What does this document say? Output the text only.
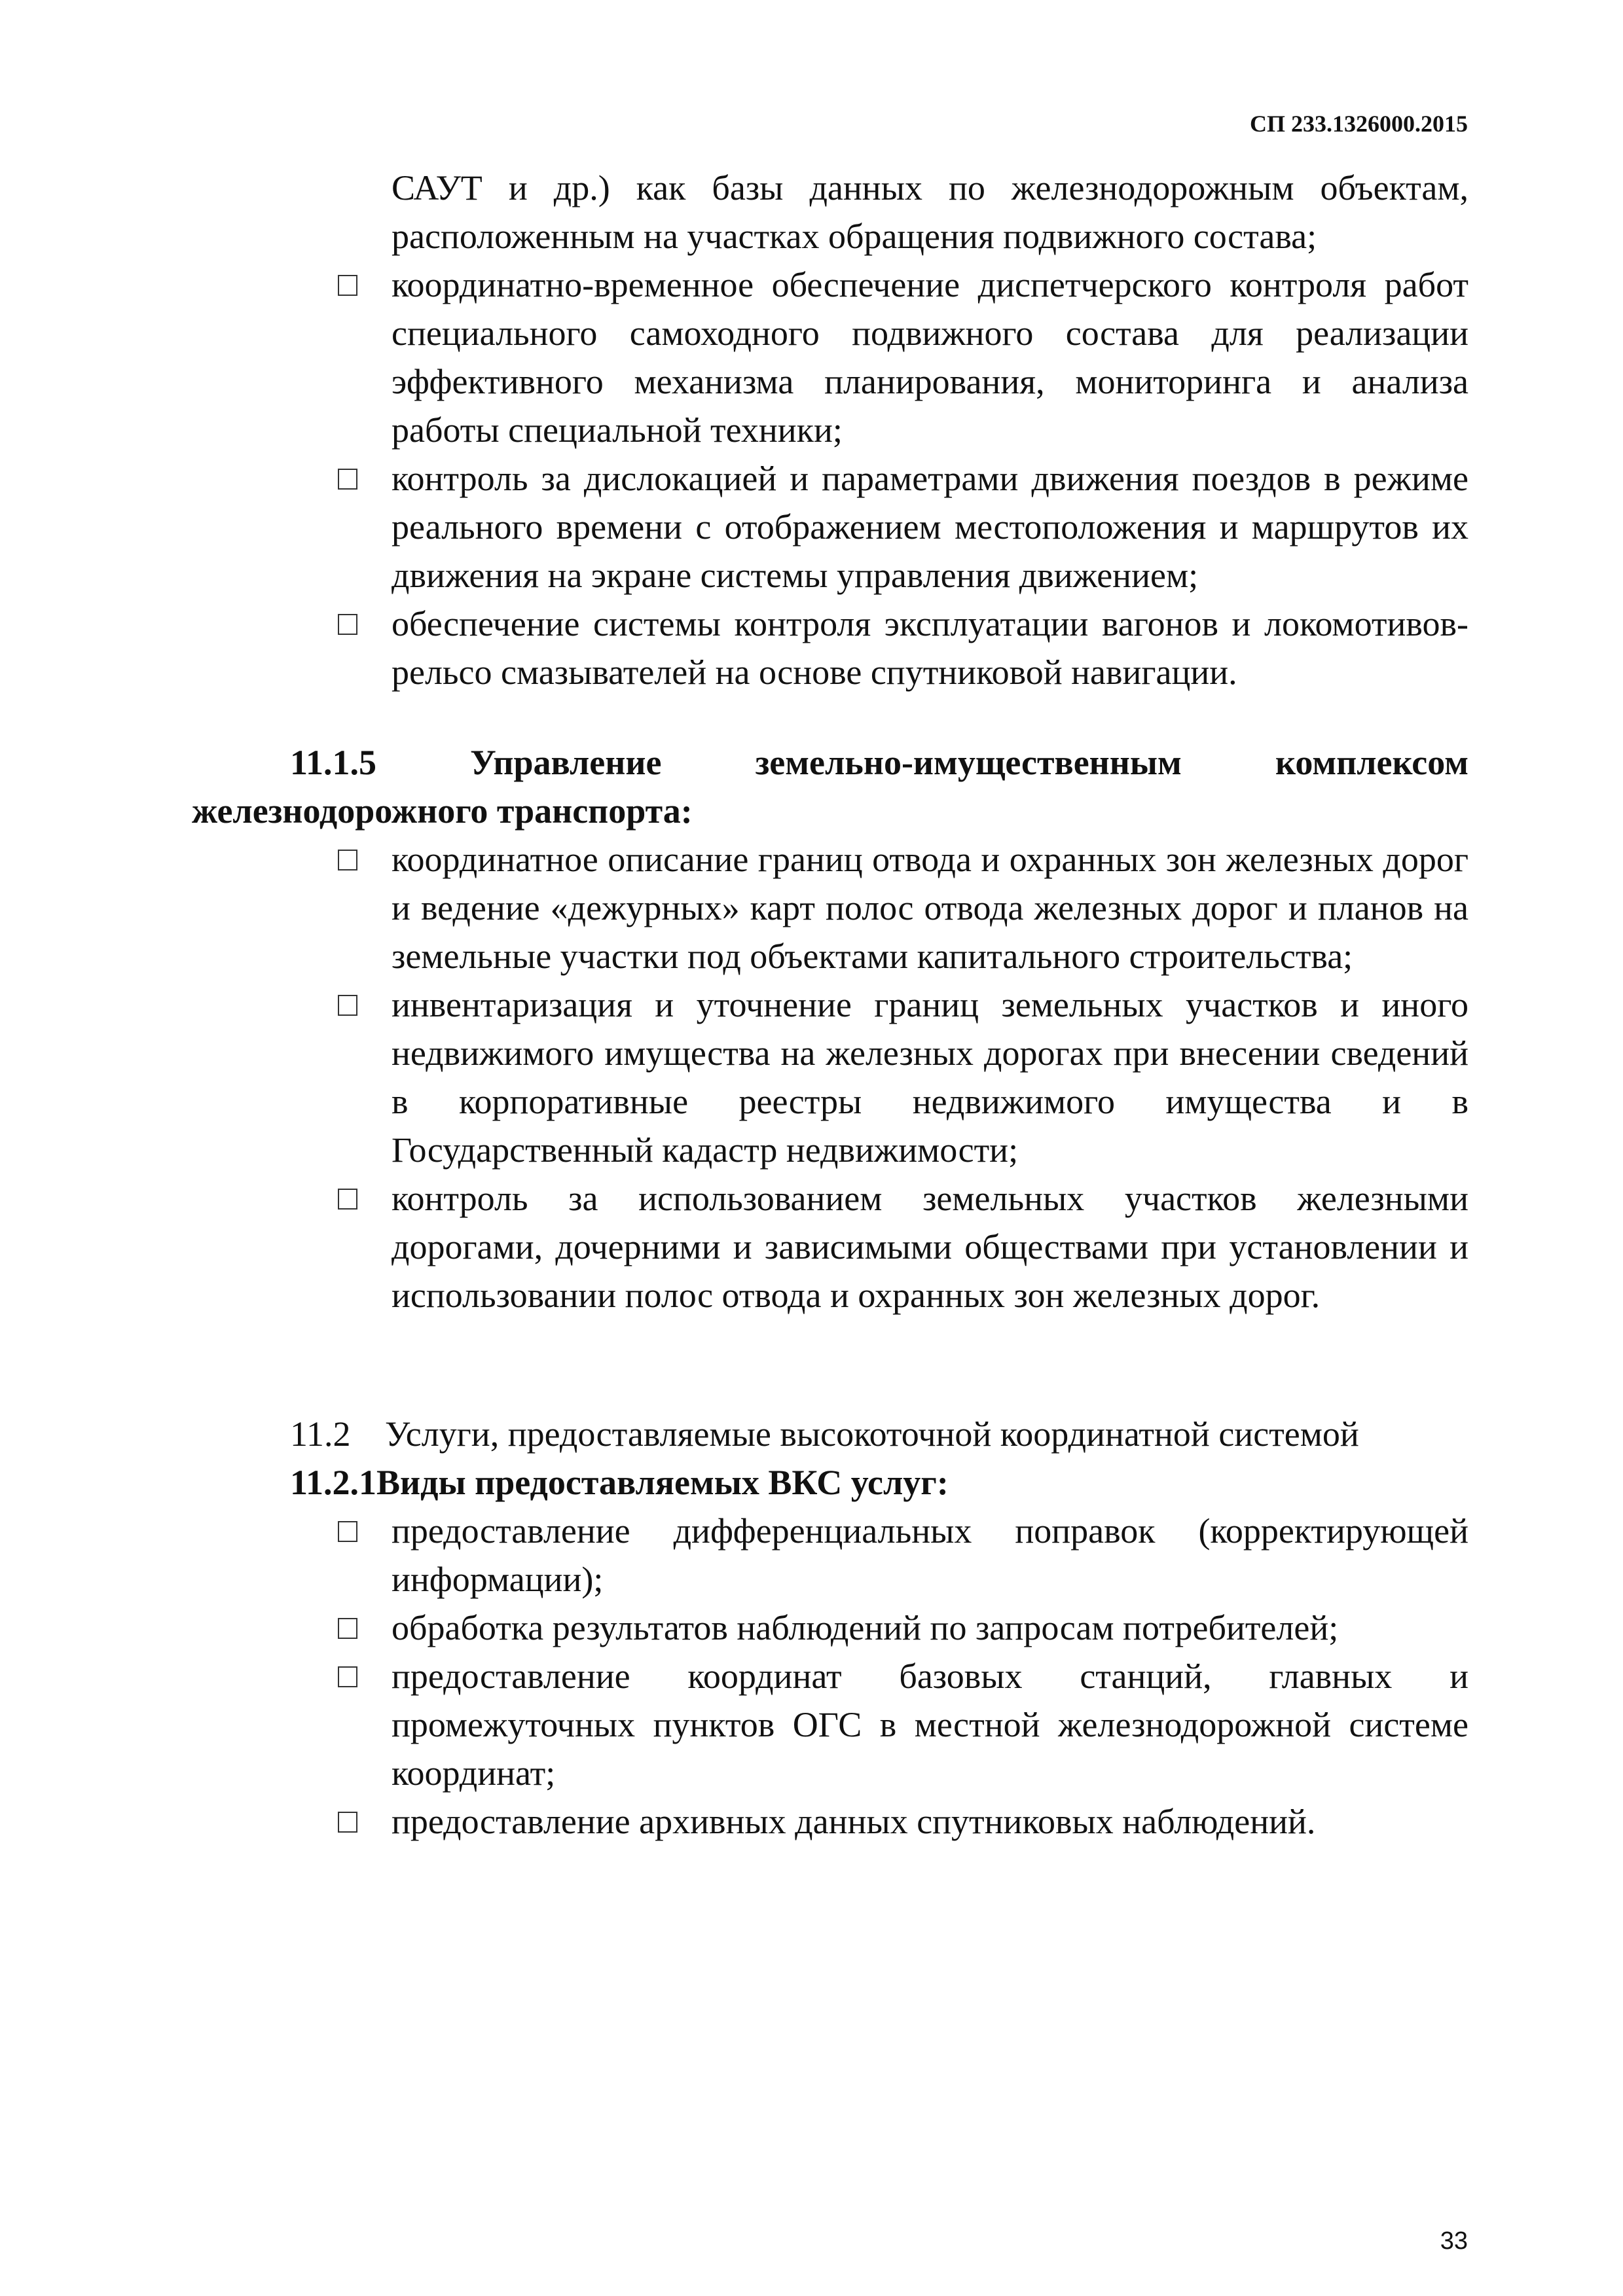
СП 233.1326000.2015

САУТ и др.) как базы данных по железнодорожным объектам, расположенным на участках обращения подвижного состава;

координатно-временное обеспечение диспетчерского контроля работ специального самоходного подвижного состава для реализации эффективного механизма планирования, мониторинга и анализа работы специальной техники;
контроль за дислокацией и параметрами движения поездов в режиме реального времени с отображением местоположения и маршрутов их движения на экране системы управления движением;
обеспечение системы контроля эксплуатации вагонов и локомотивов-рельсо смазывателей на основе спутниковой навигации.
11.1.5	Управление земельно-имущественным комплексом железнодорожного транспорта:
координатное описание границ отвода и охранных зон железных дорог и ведение «дежурных» карт полос отвода железных дорог и планов на земельные участки под объектами капитального строительства;
инвентаризация и уточнение границ земельных участков и иного недвижимого имущества на железных дорогах при внесении сведений в корпоративные реестры недвижимого имущества и в Государственный кадастр недвижимости;
контроль за использованием земельных участков железными дорогами, дочерними и зависимыми обществами при установлении и использовании полос отвода и охранных зон железных дорог.
11.2 Услуги, предоставляемые высокоточной координатной системой
11.2.1Виды предоставляемых ВКС услуг:
предоставление дифференциальных поправок (корректирующей информации);
обработка результатов наблюдений по запросам потребителей;
предоставление координат базовых станций, главных и промежуточных пунктов ОГС в местной железнодорожной системе координат;
предоставление архивных данных спутниковых наблюдений.
33
